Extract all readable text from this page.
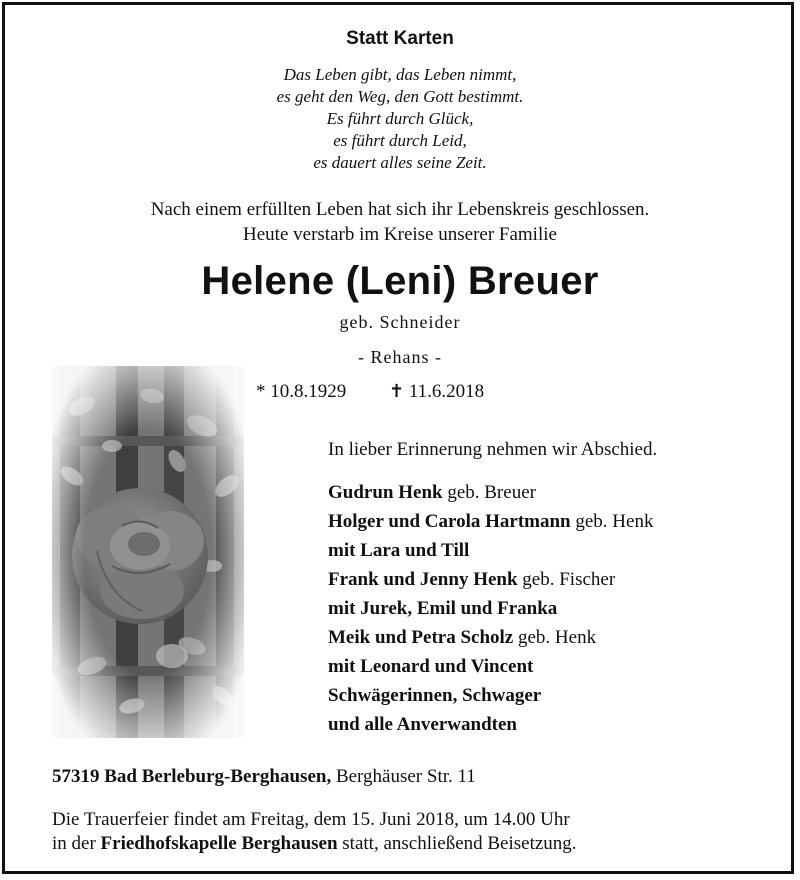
Statt Karten
Das Leben gibt, das Leben nimmt,
es geht den Weg, den Gott bestimmt.
Es führt durch Glück,
es führt durch Leid,
es dauert alles seine Zeit.
Nach einem erfüllten Leben hat sich ihr Lebenskreis geschlossen.
Heute verstarb im Kreise unserer Familie
Helene (Leni) Breuer
geb. Schneider
- Rehans -
* 10.8.1929 ✝ 11.6.2018
In lieber Erinnerung nehmen wir Abschied.
Gudrun Henk geb. Breuer
Holger und Carola Hartmann geb. Henk
mit Lara und Till
Frank und Jenny Henk geb. Fischer
mit Jurek, Emil und Franka
Meik und Petra Scholz geb. Henk
mit Leonard und Vincent
Schwägerinnen, Schwager
und alle Anverwandten
57319 Bad Berleburg-Berghausen, Berghäuser Str. 11
Die Trauerfeier findet am Freitag, dem 15. Juni 2018, um 14.00 Uhr
in der Friedhofskapelle Berghausen statt, anschließend Beisetzung.
